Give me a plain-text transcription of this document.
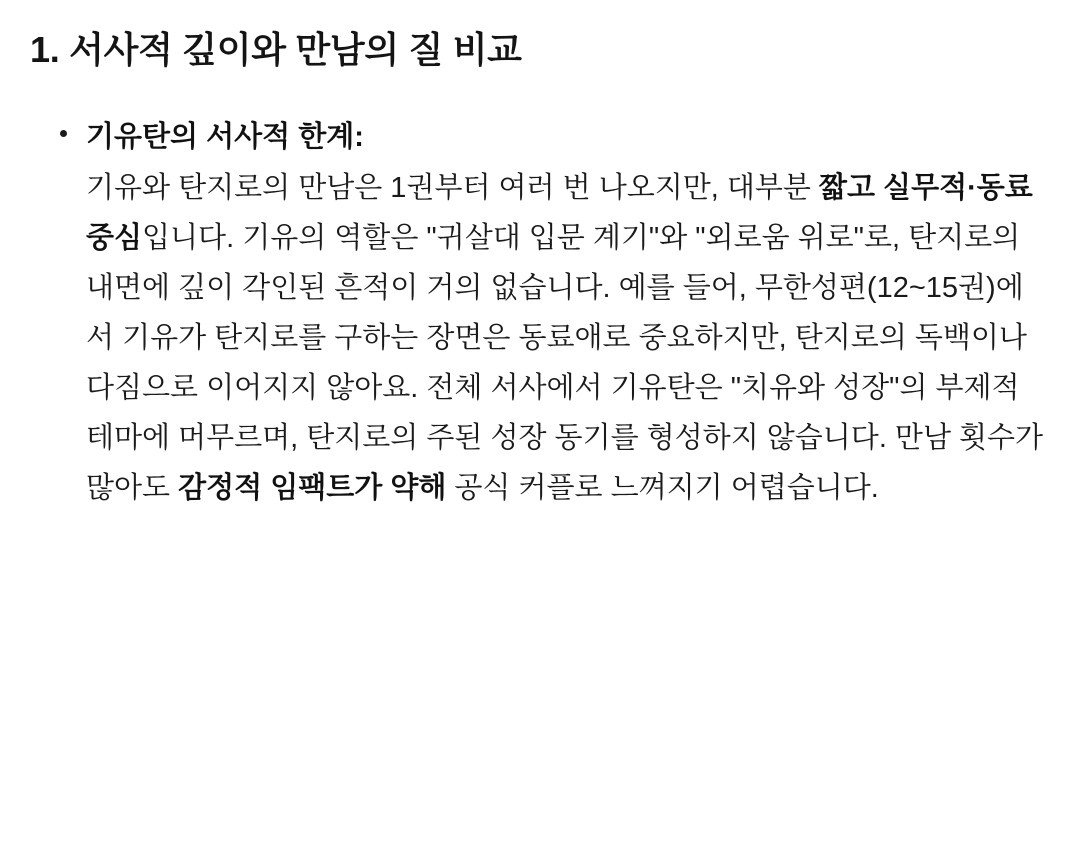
1. 서사적 깊이와 만남의 질 비교
기유탄의 서사적 한계:
기유와 탄지로의 만남은 1권부터 여러 번 나오지만, 대부분 짧고 실무적·동료 중심입니다. 기유의 역할은 "귀살대 입문 계기"와 "외로움 위로"로, 탄지로의 내면에 깊이 각인된 흔적이 거의 없습니다. 예를 들어, 무한성편(12~15권)에서 기유가 탄지로를 구하는 장면은 동료애로 중요하지만, 탄지로의 독백이나 다짐으로 이어지지 않아요. 전체 서사에서 기유탄은 "치유와 성장"의 부제적 테마에 머무르며, 탄지로의 주된 성장 동기를 형성하지 않습니다. 만남 횟수가 많아도 감정적 임팩트가 약해 공식 커플로 느껴지기 어렵습니다.
